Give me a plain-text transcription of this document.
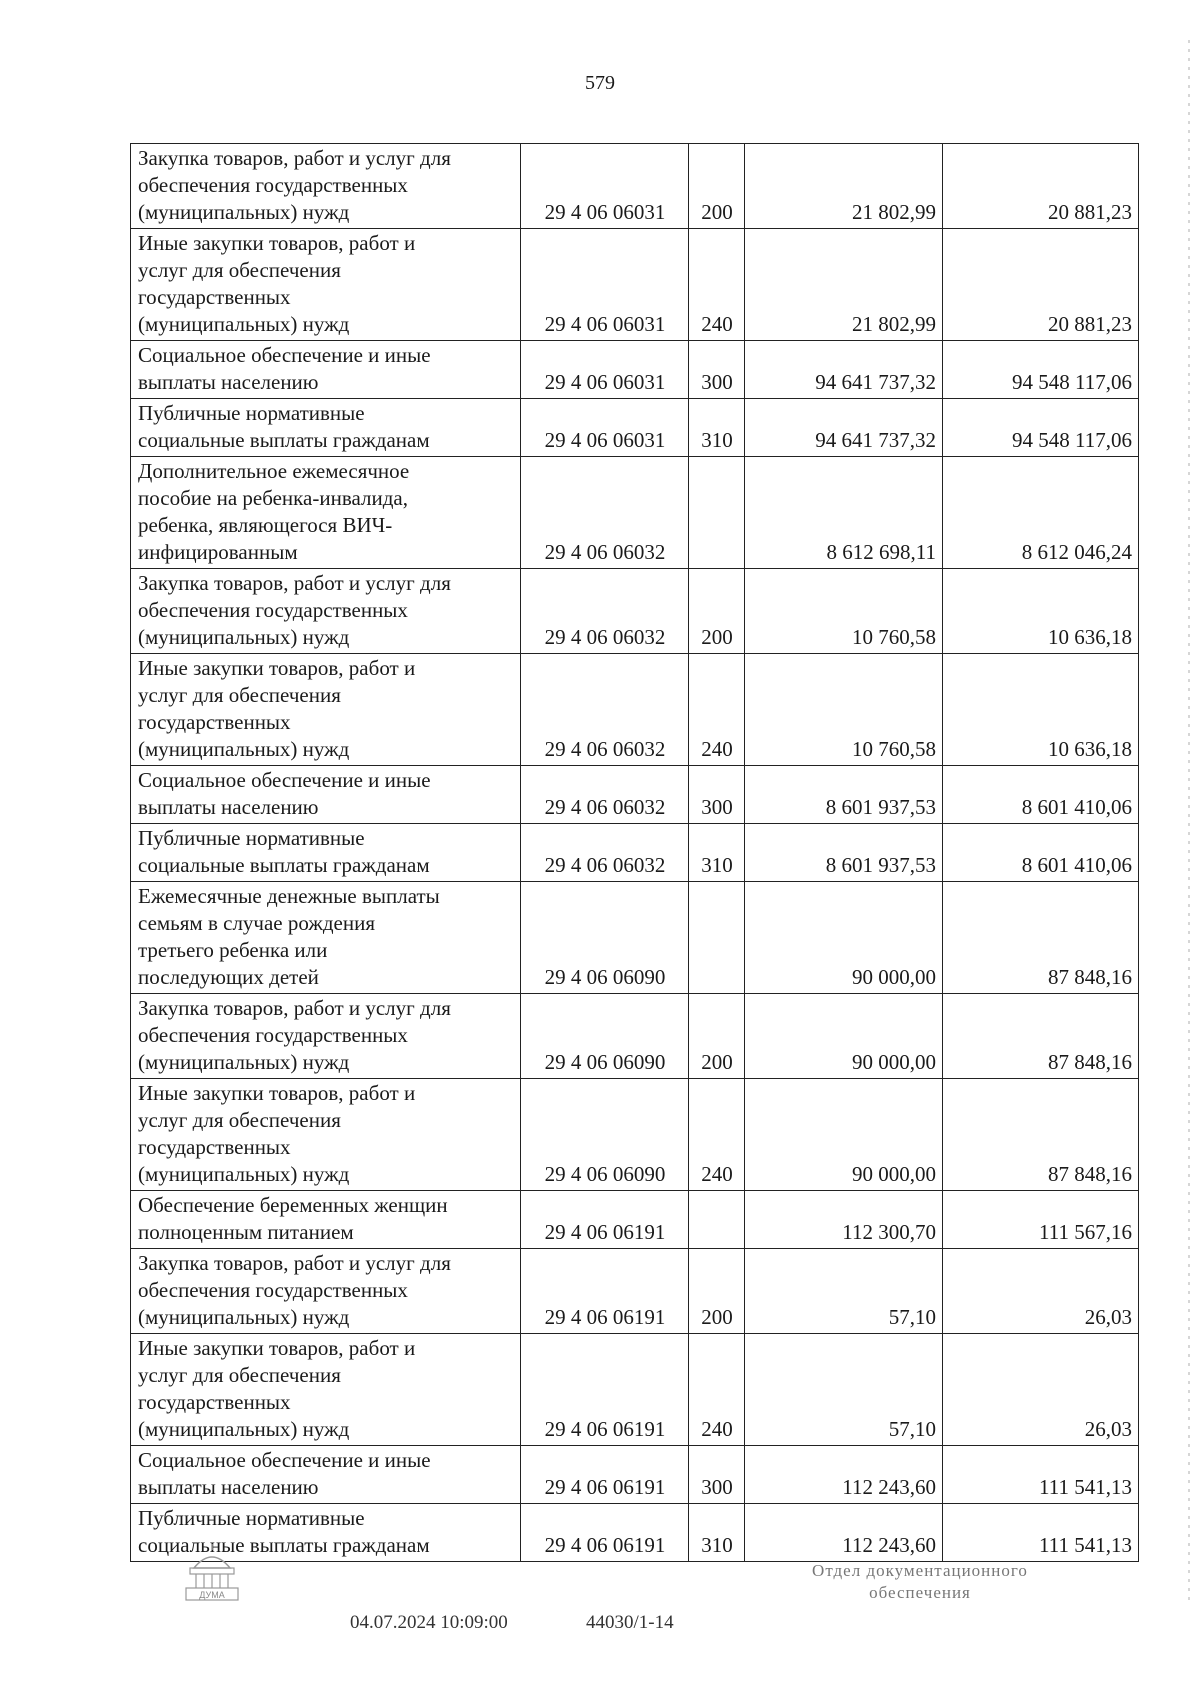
579
Закупка товаров, работ и услуг для
обеспечения государственных
(муниципальных) нужд	29 4 06 06031	200	21 802,99	20 881,23
Иные закупки товаров, работ и
услуг для обеспечения
государственных
(муниципальных) нужд	29 4 06 06031	240	21 802,99	20 881,23
Социальное обеспечение и иные
выплаты населению	29 4 06 06031	300	94 641 737,32	94 548 117,06
Публичные нормативные
социальные выплаты гражданам	29 4 06 06031	310	94 641 737,32	94 548 117,06
Дополнительное ежемесячное
пособие на ребенка-инвалида,
ребенка, являющегося ВИЧ-
инфицированным	29 4 06 06032		8 612 698,11	8 612 046,24
Закупка товаров, работ и услуг для
обеспечения государственных
(муниципальных) нужд	29 4 06 06032	200	10 760,58	10 636,18
Иные закупки товаров, работ и
услуг для обеспечения
государственных
(муниципальных) нужд	29 4 06 06032	240	10 760,58	10 636,18
Социальное обеспечение и иные
выплаты населению	29 4 06 06032	300	8 601 937,53	8 601 410,06
Публичные нормативные
социальные выплаты гражданам	29 4 06 06032	310	8 601 937,53	8 601 410,06
Ежемесячные денежные выплаты
семьям в случае рождения
третьего ребенка или
последующих детей	29 4 06 06090		90 000,00	87 848,16
Закупка товаров, работ и услуг для
обеспечения государственных
(муниципальных) нужд	29 4 06 06090	200	90 000,00	87 848,16
Иные закупки товаров, работ и
услуг для обеспечения
государственных
(муниципальных) нужд	29 4 06 06090	240	90 000,00	87 848,16
Обеспечение беременных женщин
полноценным питанием	29 4 06 06191		112 300,70	111 567,16
Закупка товаров, работ и услуг для
обеспечения государственных
(муниципальных) нужд	29 4 06 06191	200	57,10	26,03
Иные закупки товаров, работ и
услуг для обеспечения
государственных
(муниципальных) нужд	29 4 06 06191	240	57,10	26,03
Социальное обеспечение и иные
выплаты населению	29 4 06 06191	300	112 243,60	111 541,13
Публичные нормативные
социальные выплаты гражданам	29 4 06 06191	310	112 243,60	111 541,13
ДУМА
04.07.2024 10:09:00	44030/1-14
Отдел документационного
обеспечения
